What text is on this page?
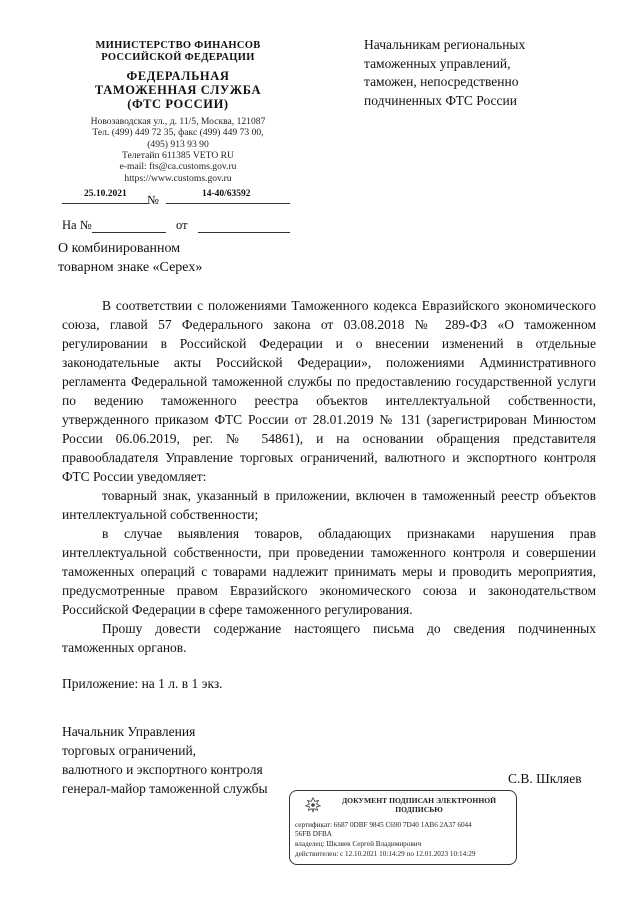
МИНИСТЕРСТВО ФИНАНСОВ
РОССИЙСКОЙ ФЕДЕРАЦИИ
ФЕДЕРАЛЬНАЯ
ТАМОЖЕННАЯ СЛУЖБА
(ФТС РОССИИ)
Новозаводская ул., д. 11/5, Москва, 121087
Тел. (499) 449 72 35, факс (499) 449 73 00,
(495) 913 93 90
Телетайп 611385 VETO RU
e-mail: fts@ca.customs.gov.ru
https://www.customs.gov.ru
25.10.2021 №	14-40/63592
На №	от
Начальникам региональных
таможенных управлений,
таможен, непосредственно
подчиненных ФТС России
О комбинированном
товарном знаке «Серех»

В соответствии с положениями Таможенного кодекса Евразийского экономического союза, главой 57 Федерального закона от 03.08.2018 № 289-ФЗ «О таможенном регулировании в Российской Федерации и о внесении изменений в отдельные законодательные акты Российской Федерации», положениями Административного регламента Федеральной таможенной службы по предоставлению государственной услуги по ведению таможенного реестра объектов интеллектуальной собственности, утвержденного приказом ФТС России от 28.01.2019 № 131 (зарегистрирован Минюстом России 06.06.2019, рег. № 54861), и на основании обращения представителя правообладателя Управление торговых ограничений, валютного и экспортного контроля ФТС России уведомляет:

товарный знак, указанный в приложении, включен в таможенный реестр объектов интеллектуальной собственности;

в случае выявления товаров, обладающих признаками нарушения прав интеллектуальной собственности, при проведении таможенного контроля и совершении таможенных операций с товарами надлежит принимать меры и проводить мероприятия, предусмотренные правом Евразийского экономического союза и законодательством Российской Федерации в сфере таможенного регулирования.

Прошу довести содержание настоящего письма до сведения подчиненных таможенных органов.

Приложение: на 1 л. в 1 экз.
Начальник Управления
торговых ограничений,
валютного и экспортного контроля
генерал-майор таможенной службы
С.В. Шкляев
ДОКУМЕНТ ПОДПИСАН ЭЛЕКТРОННОЙ
ПОДПИСЬЮ
сертификат: 6687 0DBF 9845 C690 7D40 1AB6 2A37 6044
56FB DFBA
владелец: Шкляев Сергей Владимирович
действителен: с 12.10.2021 10:14:29 по 12.01.2023 10:14:29
